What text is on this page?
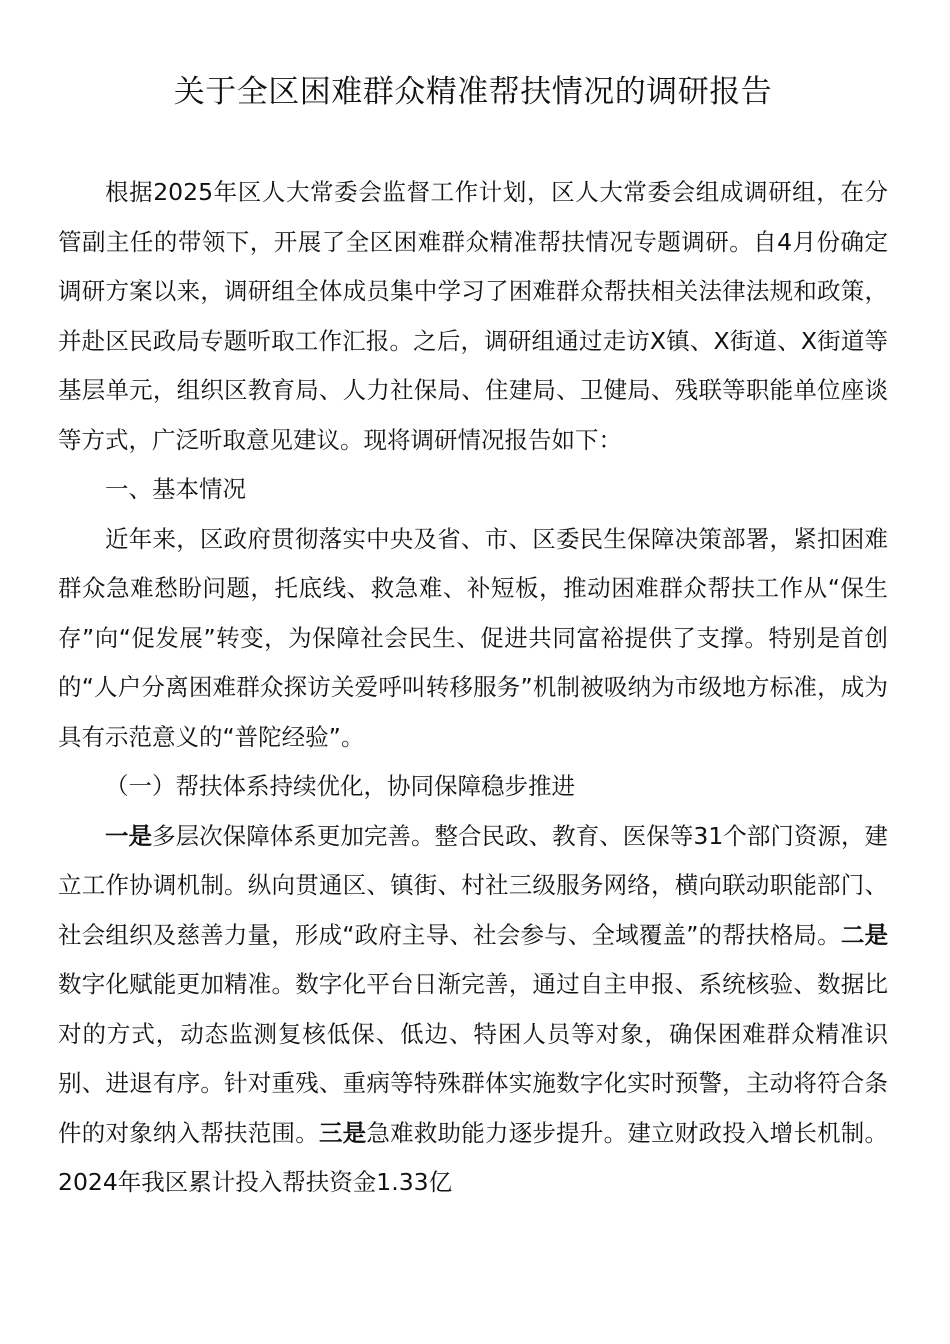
关于全区困难群众精准帮扶情况的调研报告

根据2025年区人大常委会监督工作计划，区人大常委会组成调研组，在分管副主任的带领下，开展了全区困难群众精准帮扶情况专题调研。自4月份确定调研方案以来，调研组全体成员集中学习了困难群众帮扶相关法律法规和政策，并赴区民政局专题听取工作汇报。之后，调研组通过走访X镇、X街道、X街道等基层单元，组织区教育局、人力社保局、住建局、卫健局、残联等职能单位座谈等方式，广泛听取意见建议。现将调研情况报告如下：

一、基本情况

近年来，区政府贯彻落实中央及省、市、区委民生保障决策部署，紧扣困难群众急难愁盼问题，托底线、救急难、补短板，推动困难群众帮扶工作从“保生存”向“促发展”转变，为保障社会民生、促进共同富裕提供了支撑。特别是首创的“人户分离困难群众探访关爱呼叫转移服务”机制被吸纳为市级地方标准，成为具有示范意义的“普陀经验”。

（一）帮扶体系持续优化，协同保障稳步推进

一是多层次保障体系更加完善。整合民政、教育、医保等31个部门资源，建立工作协调机制。纵向贯通区、镇街、村社三级服务网络，横向联动职能部门、社会组织及慈善力量，形成“政府主导、社会参与、全域覆盖”的帮扶格局。二是数字化赋能更加精准。数字化平台日渐完善，通过自主申报、系统核验、数据比对的方式，动态监测复核低保、低边、特困人员等对象，确保困难群众精准识别、进退有序。针对重残、重病等特殊群体实施数字化实时预警，主动将符合条件的对象纳入帮扶范围。三是急难救助能力逐步提升。建立财政投入增长机制。2024年我区累计投入帮扶资金1.33亿
